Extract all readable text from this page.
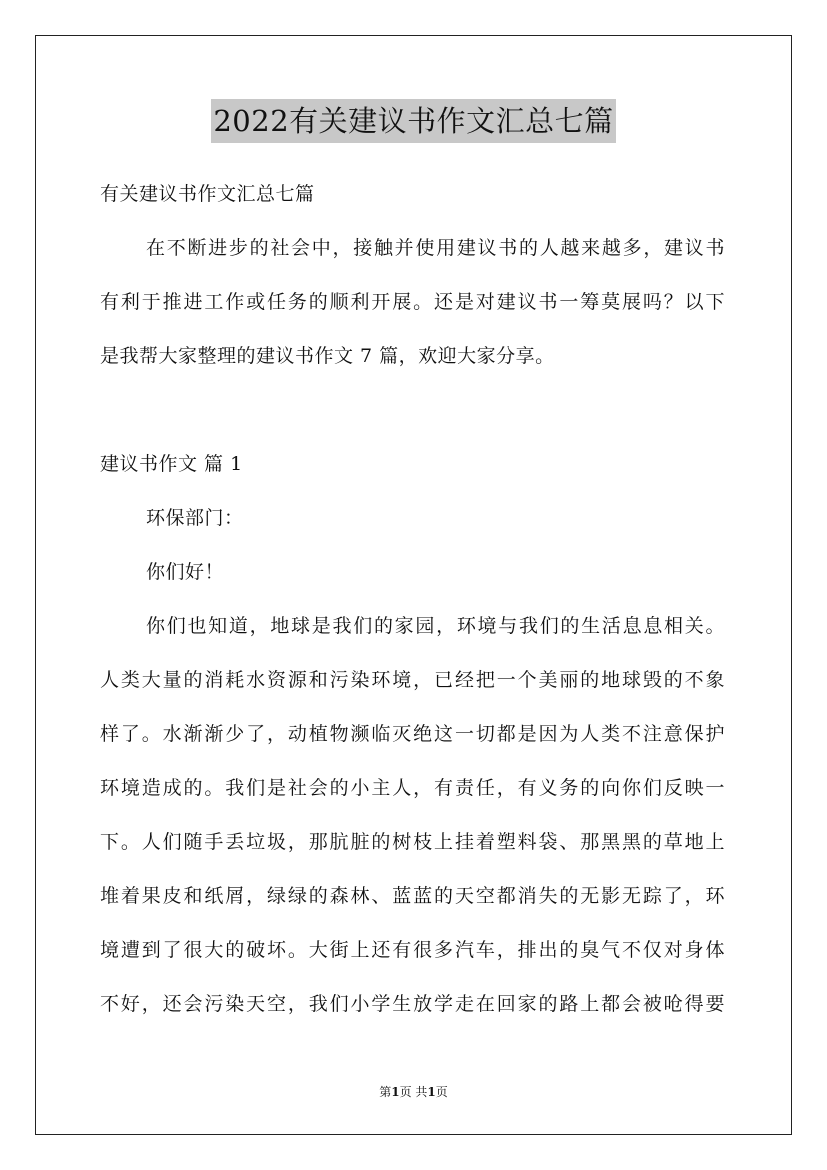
2022有关建议书作文汇总七篇
有关建议书作文汇总七篇
在不断进步的社会中，接触并使用建议书的人越来越多，建议书
有利于推进工作或任务的顺利开展。还是对建议书一筹莫展吗？以下
是我帮大家整理的建议书作文 7 篇，欢迎大家分享。
建议书作文 篇 1
环保部门：
你们好！
你们也知道，地球是我们的家园，环境与我们的生活息息相关。
人类大量的消耗水资源和污染环境，已经把一个美丽的地球毁的不象
样了。水渐渐少了，动植物濒临灭绝这一切都是因为人类不注意保护
环境造成的。我们是社会的小主人，有责任，有义务的向你们反映一
下。人们随手丢垃圾，那肮脏的树枝上挂着塑料袋、那黑黑的草地上
堆着果皮和纸屑，绿绿的森林、蓝蓝的天空都消失的无影无踪了，环
境遭到了很大的破坏。大街上还有很多汽车，排出的臭气不仅对身体
不好，还会污染天空，我们小学生放学走在回家的路上都会被呛得要
第1页 共1页
